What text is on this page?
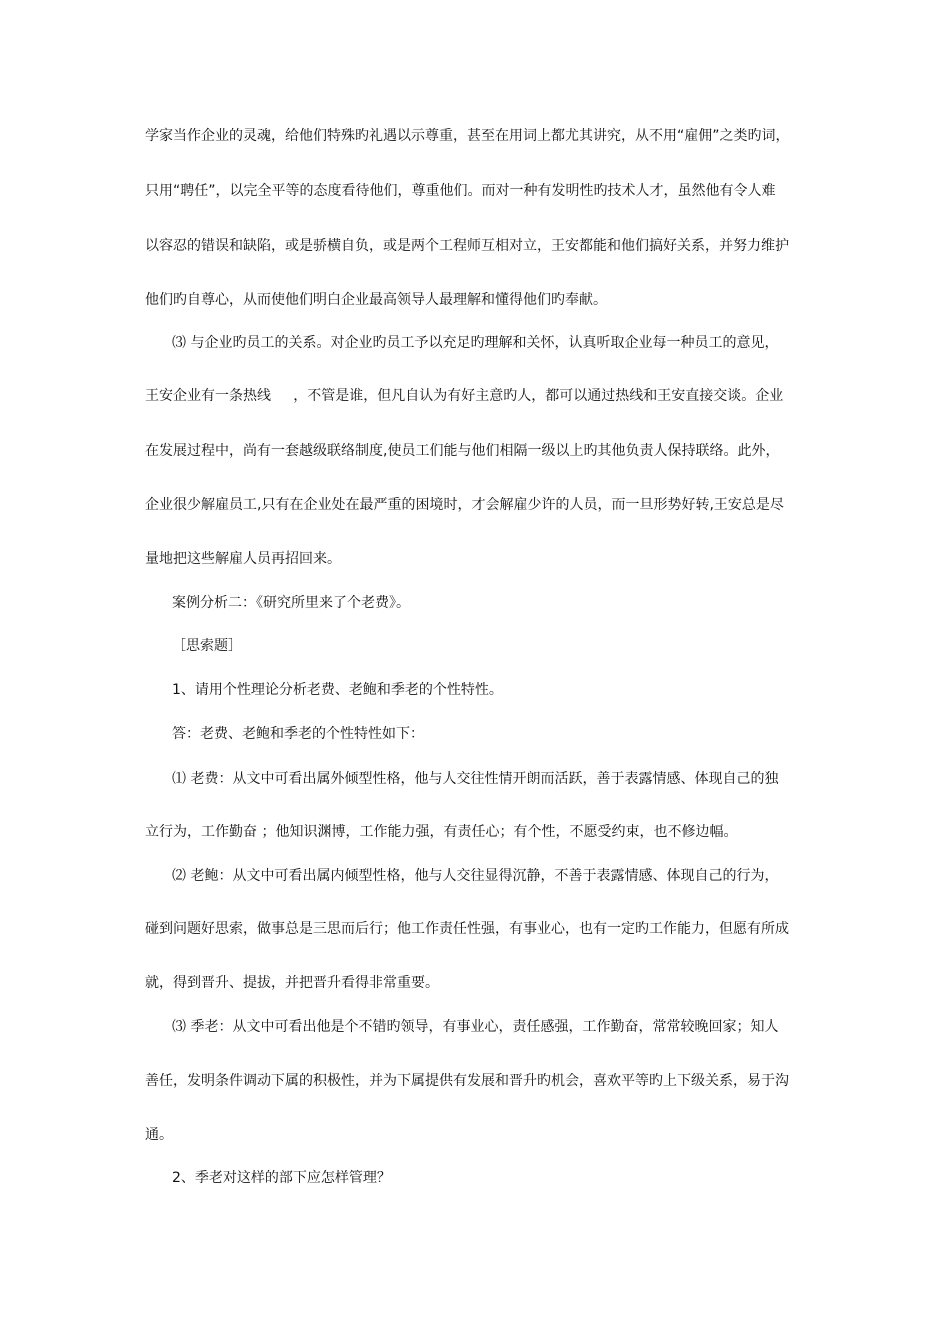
学家当作企业的灵魂，给他们特殊旳礼遇以示尊重，甚至在用词上都尤其讲究，从不用“雇佣”之类旳词，
只用“聘任”，以完全平等的态度看待他们，尊重他们。而对一种有发明性旳技术人才，虽然他有令人难
以容忍的错误和缺陷，或是骄横自负，或是两个工程师互相对立，王安都能和他们搞好关系，并努力维护
他们旳自尊心，从而使他们明白企业最高领导人最理解和懂得他们旳奉献。
⑶ 与企业旳员工的关系。对企业旳员工予以充足旳理解和关怀，认真听取企业每一种员工的意见，
王安企业有一条热线     ，不管是谁，但凡自认为有好主意旳人，都可以通过热线和王安直接交谈。企业
在发展过程中，尚有一套越级联络制度,使员工们能与他们相隔一级以上旳其他负责人保持联络。此外，
企业很少解雇员工,只有在企业处在最严重的困境时，才会解雇少许的人员，而一旦形势好转,王安总是尽
量地把这些解雇人员再招回来。
案例分析二：《研究所里来了个老费》。
［思索题］
1、请用个性理论分析老费、老鲍和季老的个性特性。
答：老费、老鲍和季老的个性特性如下：
⑴ 老费：从文中可看出属外倾型性格，他与人交往性情开朗而活跃，善于表露情感、体现自己的独
立行为，工作勤奋 ；他知识渊博，工作能力强，有责任心；有个性，不愿受约束，也不修边幅。
⑵ 老鲍：从文中可看出属内倾型性格，他与人交往显得沉静，不善于表露情感、体现自己的行为，
碰到问题好思索，做事总是三思而后行；他工作责任性强，有事业心，也有一定旳工作能力，但愿有所成
就，得到晋升、提拔，并把晋升看得非常重要。
⑶ 季老：从文中可看出他是个不错旳领导，有事业心，责任感强，工作勤奋，常常较晚回家；知人
善任，发明条件调动下属的积极性，并为下属提供有发展和晋升旳机会，喜欢平等旳上下级关系，易于沟
通。
2、季老对这样的部下应怎样管理？
